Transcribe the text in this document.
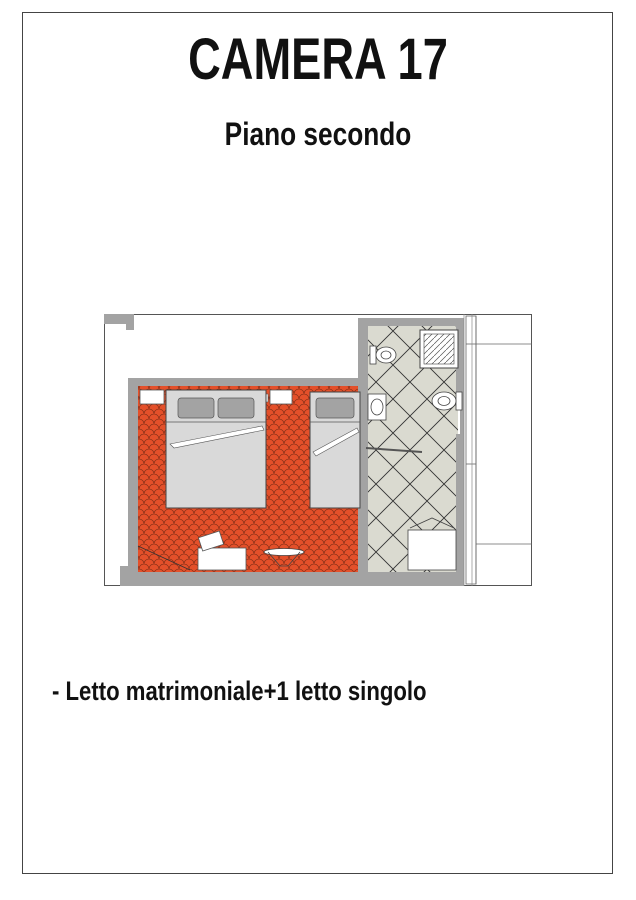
CAMERA 17
Piano secondo
- Letto matrimoniale+1 letto singolo
